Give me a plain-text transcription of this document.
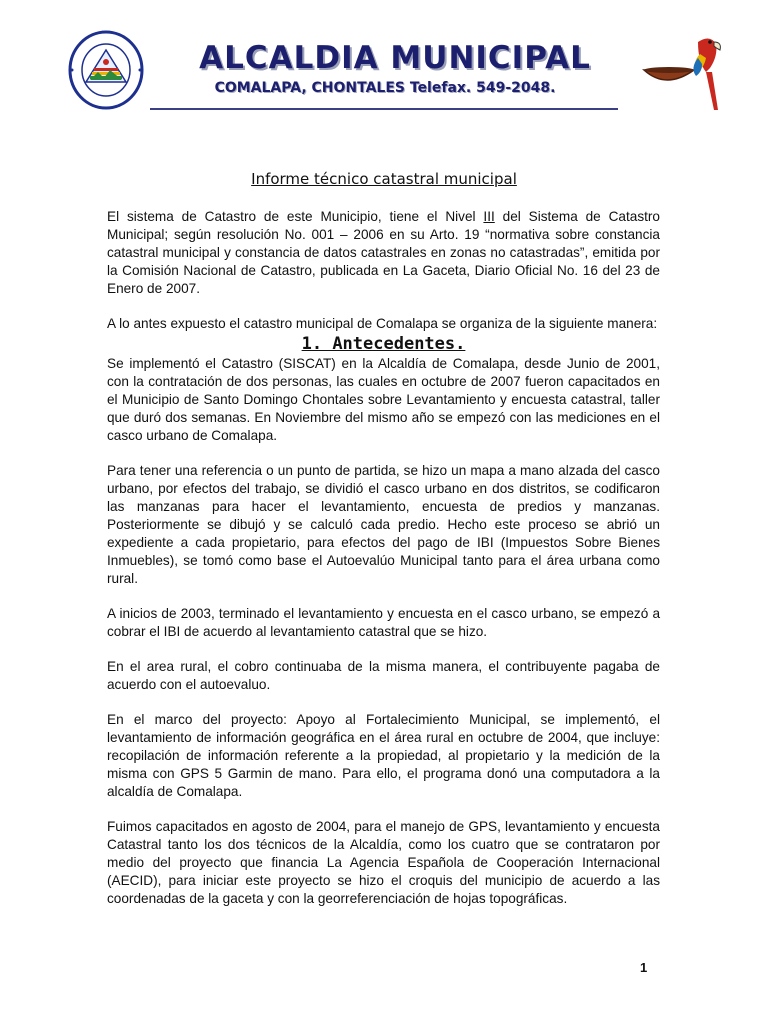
ALCALDIA MUNICIPAL
COMALAPA, CHONTALES Telefax. 549-2048.
Informe técnico catastral municipal

El sistema de Catastro de este Municipio, tiene el Nivel III del Sistema de Catastro Municipal; según resolución No. 001 – 2006 en su Arto. 19 “normativa sobre constancia catastral municipal y constancia de datos catastrales en zonas no catastradas”, emitida por la Comisión Nacional de Catastro, publicada en La Gaceta, Diario Oficial No. 16 del 23 de Enero de 2007.

A lo antes expuesto el catastro municipal de Comalapa se organiza de la siguiente manera:

1. Antecedentes.

Se implementó el Catastro (SISCAT) en la Alcaldía de Comalapa, desde Junio de 2001, con la contratación de dos personas, las cuales en octubre de 2007 fueron capacitados en el Municipio de Santo Domingo Chontales sobre Levantamiento y encuesta catastral, taller que duró dos semanas. En Noviembre del mismo año se empezó con las mediciones en el casco urbano de Comalapa.

Para tener una referencia o un punto de partida, se hizo un mapa a mano alzada del casco urbano, por efectos del trabajo, se dividió el casco urbano en dos distritos, se codificaron las manzanas para hacer el levantamiento, encuesta de predios y manzanas. Posteriormente se dibujó y se calculó cada predio. Hecho este proceso se abrió un expediente a cada propietario, para efectos del pago de IBI (Impuestos Sobre Bienes Inmuebles), se tomó como base el Autoevalúo Municipal tanto para el área urbana como rural.

A inicios de 2003, terminado el levantamiento y encuesta en el casco urbano, se empezó a cobrar el IBI de acuerdo al levantamiento catastral que se hizo.

En el area rural, el cobro continuaba de la misma manera, el contribuyente pagaba de acuerdo con el autoevaluo.

En el marco del proyecto: Apoyo al Fortalecimiento Municipal, se implementó, el levantamiento de información geográfica en el área rural en octubre de 2004, que incluye: recopilación de información referente a la propiedad, al propietario y la medición de la misma con GPS 5 Garmin de mano. Para ello, el programa donó una computadora a la alcaldía de Comalapa.

Fuimos capacitados en agosto de 2004, para el manejo de GPS, levantamiento y encuesta Catastral tanto los dos técnicos de la Alcaldía, como los cuatro que se contrataron por medio del proyecto que financia La Agencia Española de Cooperación Internacional (AECID), para iniciar este proyecto se hizo el croquis del municipio de acuerdo a las coordenadas de la gaceta y con la georreferenciación de hojas topográficas.

1
